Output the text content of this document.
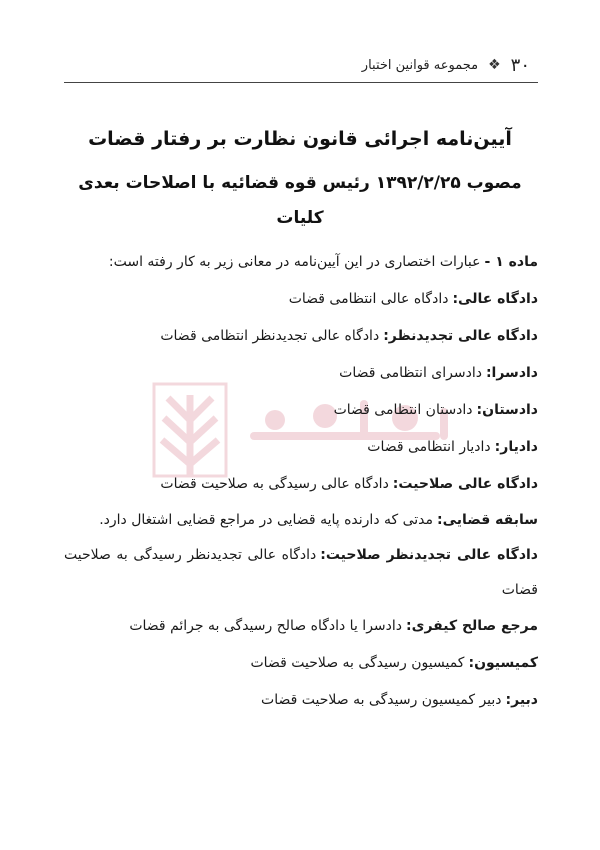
۳۰
❖
مجموعه قوانین اختبار
آیین‌نامه اجرائی قانون نظارت بر رفتار قضات
مصوب ۱۳۹۲/۲/۲۵ رئیس قوه قضائیه با اصلاحات بعدی
کلیات

ماده ۱ -عبارات اختصاری در این آیین‌نامه در معانی زیر به کار رفته است:

دادگاه عالی:دادگاه عالی انتظامی قضات

دادگاه عالی تجدیدنظر:دادگاه عالی تجدیدنظر انتظامی قضات

دادسرا:دادسرای انتظامی قضات

دادستان:دادستان انتظامی قضات

دادیار:دادیار انتظامی قضات

دادگاه عالی صلاحیت:دادگاه عالی رسیدگی به صلاحیت قضات

سابقه قضایی:مدتی که دارنده پایه قضایی در مراجع قضایی اشتغال دارد.

دادگاه عالی تجدیدنظر صلاحیت:دادگاه عالی تجدیدنظر رسیدگی به صلاحیت قضات

مرجع صالح کیفری:دادسرا یا دادگاه صالح رسیدگی به جرائم قضات

کمیسیون:کمیسیون رسیدگی به صلاحیت قضات

دبیر:دبیر کمیسیون رسیدگی به صلاحیت قضات
